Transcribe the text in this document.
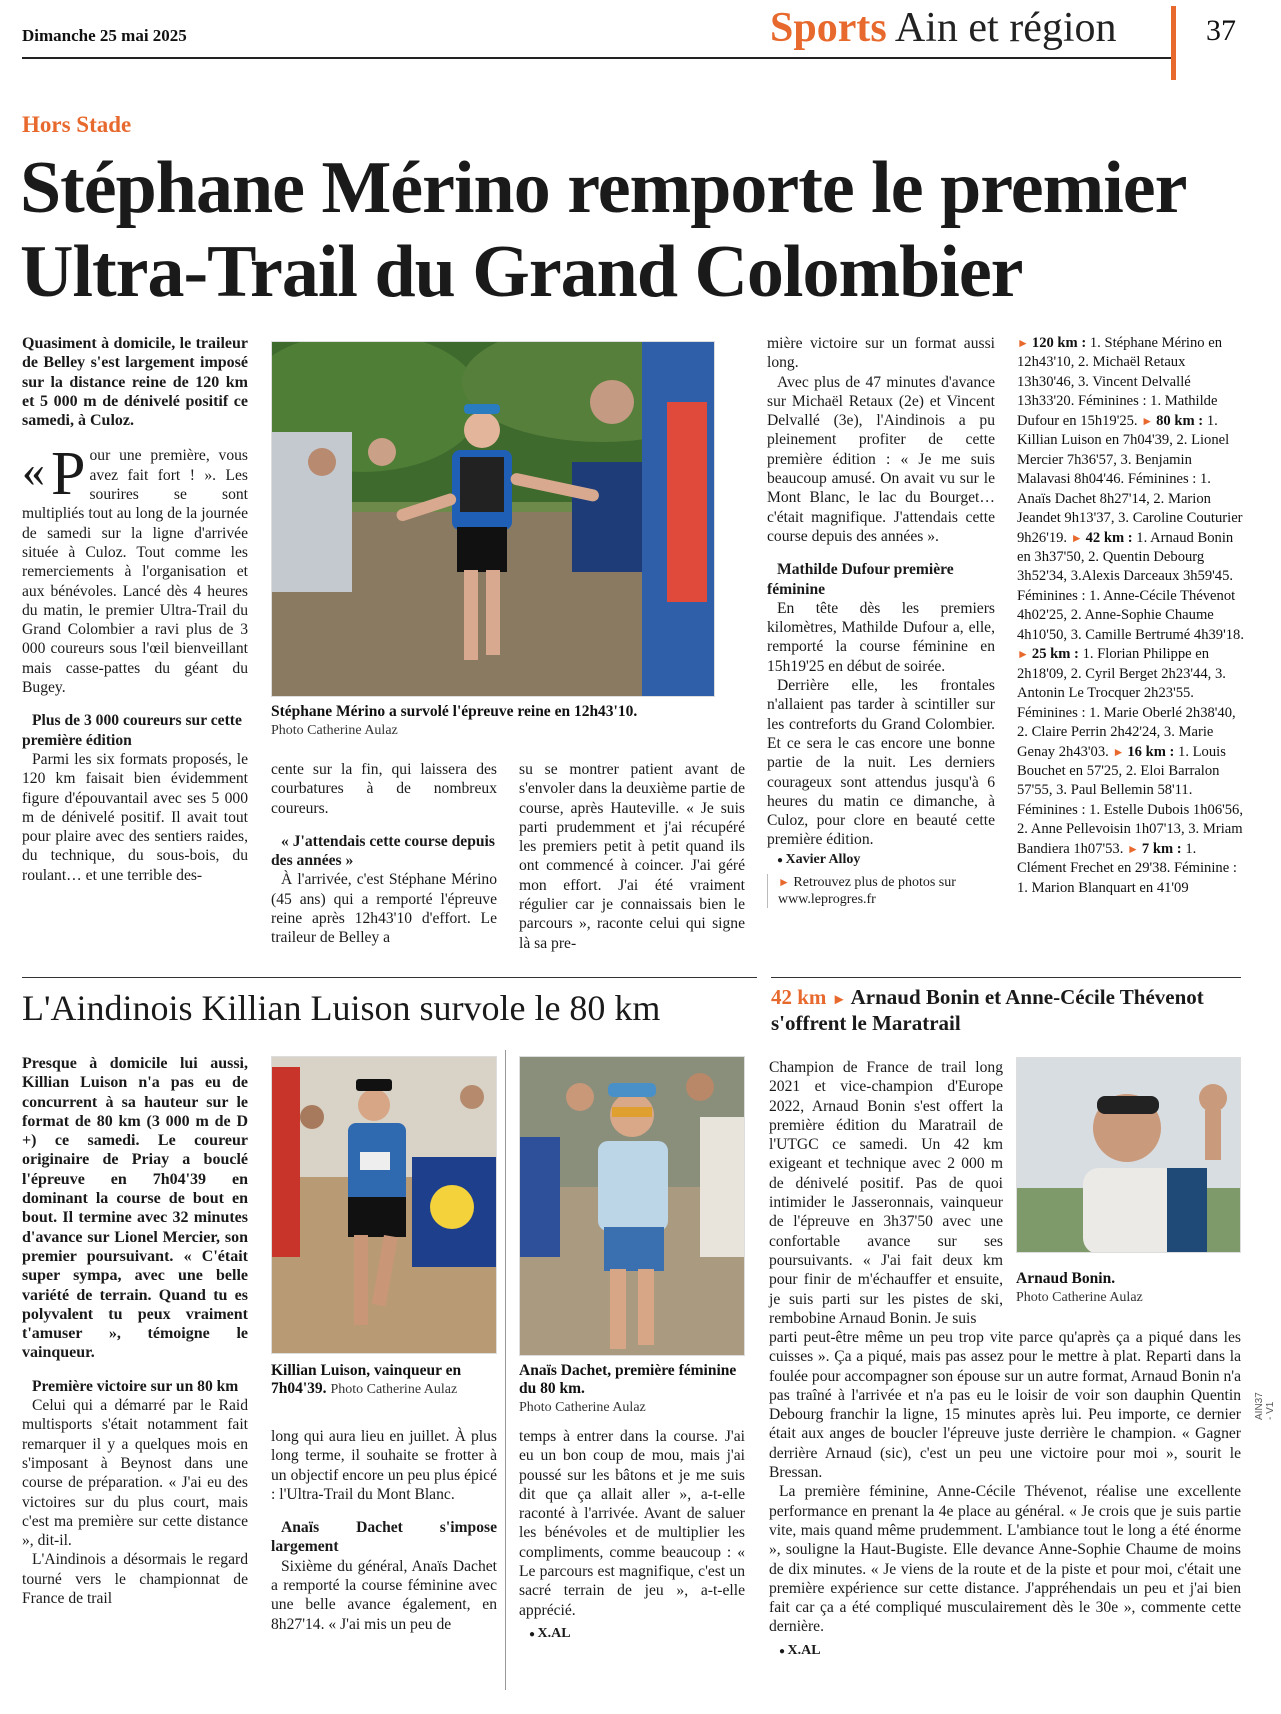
Dimanche 25 mai 2025	Sports Ain et région	37
Hors Stade
Stéphane Mérino remporte le premier Ultra-Trail du Grand Colombier

Quasiment à domicile, le traileur de Belley s'est largement imposé sur la distance reine de 120 km et 5 000 m de dénivelé positif ce samedi, à Culoz.

« P our une première, vous avez fait fort ! ». Les sourires se sont multipliés tout au long de la journée de samedi sur la ligne d'arrivée située à Culoz. Tout comme les remerciements à l'organisation et aux bénévoles. Lancé dès 4 heures du matin, le premier Ultra-Trail du Grand Colombier a ravi plus de 3 000 coureurs sous l'œil bienveillant mais casse-pattes du géant du Bugey.

Plus de 3 000 coureurs sur cette première édition

Parmi les six formats proposés, le 120 km faisait bien évidemment figure d'épouvantail avec ses 5 000 m de dénivelé positif. Il avait tout pour plaire avec des sentiers raides, du technique, du sous-bois, du roulant… et une terrible des-

Stéphane Mérino a survolé l'épreuve reine en 12h43'10.
Photo Catherine Aulaz

cente sur la fin, qui laissera des courbatures à de nombreux coureurs.

« J'attendais cette course depuis des années »

À l'arrivée, c'est Stéphane Mérino (45 ans) qui a remporté l'épreuve reine après 12h43'10 d'effort. Le traileur de Belley a

su se montrer patient avant de s'envoler dans la deuxième partie de course, après Hauteville. « Je suis parti prudemment et j'ai récupéré les premiers petit à petit quand ils ont commencé à coincer. J'ai géré mon effort. J'ai été vraiment régulier car je connaissais bien le parcours », raconte celui qui signe là sa pre-

mière victoire sur un format aussi long.

Avec plus de 47 minutes d'avance sur Michaël Retaux (2e) et Vincent Delvallé (3e), l'Aindinois a pu pleinement profiter de cette première édition : « Je me suis beaucoup amusé. On avait vu sur le Mont Blanc, le lac du Bourget… c'était magnifique. J'attendais cette course depuis des années ».

Mathilde Dufour première féminine

En tête dès les premiers kilomètres, Mathilde Dufour a, elle, remporté la course féminine en 15h19'25 en début de soirée.

Derrière elle, les frontales n'allaient pas tarder à scintiller sur les contreforts du Grand Colombier. Et ce sera le cas encore une bonne partie de la nuit. Les derniers courageux sont attendus jusqu'à 6 heures du matin ce dimanche, à Culoz, pour clore en beauté cette première édition.

● Xavier Alloy

► Retrouvez plus de photos sur www.leprogres.fr

► 120 km : 1. Stéphane Mérino en 12h43'10, 2. Michaël Retaux 13h30'46, 3. Vincent Delvallé 13h33'20. Féminines : 1. Mathilde Dufour en 15h19'25. ► 80 km : 1. Killian Luison en 7h04'39, 2. Lionel Mercier 7h36'57, 3. Benjamin Malavasi 8h04'46. Féminines : 1. Anaïs Dachet 8h27'14, 2. Marion Jeandet 9h13'37, 3. Caroline Couturier 9h26'19. ► 42 km : 1. Arnaud Bonin en 3h37'50, 2. Quentin Debourg 3h52'34, 3.Alexis Darceaux 3h59'45. Féminines : 1. Anne-Cécile Thévenot 4h02'25, 2. Anne-Sophie Chaume 4h10'50, 3. Camille Bertrumé 4h39'18. ► 25 km : 1. Florian Philippe en 2h18'09, 2. Cyril Berget 2h23'44, 3. Antonin Le Trocquer 2h23'55. Féminines : 1. Marie Oberlé 2h38'40, 2. Claire Perrin 2h42'24, 3. Marie Genay 2h43'03. ► 16 km : 1. Louis Bouchet en 57'25, 2. Eloi Barralon 57'55, 3. Paul Bellemin 58'11. Féminines : 1. Estelle Dubois 1h06'56, 2. Anne Pellevoisin 1h07'13, 3. Mriam Bandiera 1h07'53. ► 7 km : 1. Clément Frechet en 29'38. Féminine : 1. Marion Blanquart en 41'09
L'Aindinois Killian Luison survole le 80 km

Presque à domicile lui aussi, Killian Luison n'a pas eu de concurrent à sa hauteur sur le format de 80 km (3 000 m de D +) ce samedi. Le coureur originaire de Priay a bouclé l'épreuve en 7h04'39 en dominant la course de bout en bout. Il termine avec 32 minutes d'avance sur Lionel Mercier, son premier poursuivant. « C'était super sympa, avec une belle variété de terrain. Quand tu es polyvalent tu peux vraiment t'amuser », témoigne le vainqueur.

Première victoire sur un 80 km

Celui qui a démarré par le Raid multisports s'était notamment fait remarquer il y a quelques mois en s'imposant à Beynost dans une course de préparation. « J'ai eu des victoires sur du plus court, mais c'est ma première sur cette distance », dit-il.

L'Aindinois a désormais le regard tourné vers le championnat de France de trail

Killian Luison, vainqueur en 7h04'39. Photo Catherine Aulaz
Anaïs Dachet, première féminine du 80 km.
Photo Catherine Aulaz

long qui aura lieu en juillet. À plus long terme, il souhaite se frotter à un objectif encore un peu plus épicé : l'Ultra-Trail du Mont Blanc.

Anaïs Dachet s'impose largement

Sixième du général, Anaïs Dachet a remporté la course féminine avec une belle avance également, en 8h27'14. « J'ai mis un peu de

temps à entrer dans la course. J'ai eu un bon coup de mou, mais j'ai poussé sur les bâtons et je me suis dit que ça allait aller », a-t-elle raconté à l'arrivée. Avant de saluer les bénévoles et de multiplier les compliments, comme beaucoup : « Le parcours est magnifique, c'est un sacré terrain de jeu », a-t-elle apprécié.

● X.AL

42 km ► Arnaud Bonin et Anne-Cécile Thévenot s'offrent le Maratrail

Champion de France de trail long 2021 et vice-champion d'Europe 2022, Arnaud Bonin s'est offert la première édition du Maratrail de l'UTGC ce samedi. Un 42 km exigeant et technique avec 2 000 m de dénivelé positif. Pas de quoi intimider le Jasseronnais, vainqueur de l'épreuve en 3h37'50 avec une confortable avance sur ses poursuivants. « J'ai fait deux km pour finir de m'échauffer et ensuite, je suis parti sur les pistes de ski, rembobine Arnaud Bonin. Je suis

Arnaud Bonin.
Photo Catherine Aulaz
AIN37 - V1

parti peut-être même un peu trop vite parce qu'après ça a piqué dans les cuisses ». Ça a piqué, mais pas assez pour le mettre à plat. Reparti dans la foulée pour accompagner son épouse sur un autre format, Arnaud Bonin n'a pas traîné à l'arrivée et n'a pas eu le loisir de voir son dauphin Quentin Debourg franchir la ligne, 15 minutes après lui. Peu importe, ce dernier était aux anges de boucler l'épreuve juste derrière le champion. « Gagner derrière Arnaud (sic), c'est un peu une victoire pour moi », sourit le Bressan.

La première féminine, Anne-Cécile Thévenot, réalise une excellente performance en prenant la 4e place au général. « Je crois que je suis partie vite, mais quand même prudemment. L'ambiance tout le long a été énorme », souligne la Haut-Bugiste. Elle devance Anne-Sophie Chaume de moins de dix minutes. « Je viens de la route et de la piste et pour moi, c'était une première expérience sur cette distance. J'appréhendais un peu et j'ai bien fait car ça a été compliqué musculairement dès le 30e », commente cette dernière.

● X.AL
